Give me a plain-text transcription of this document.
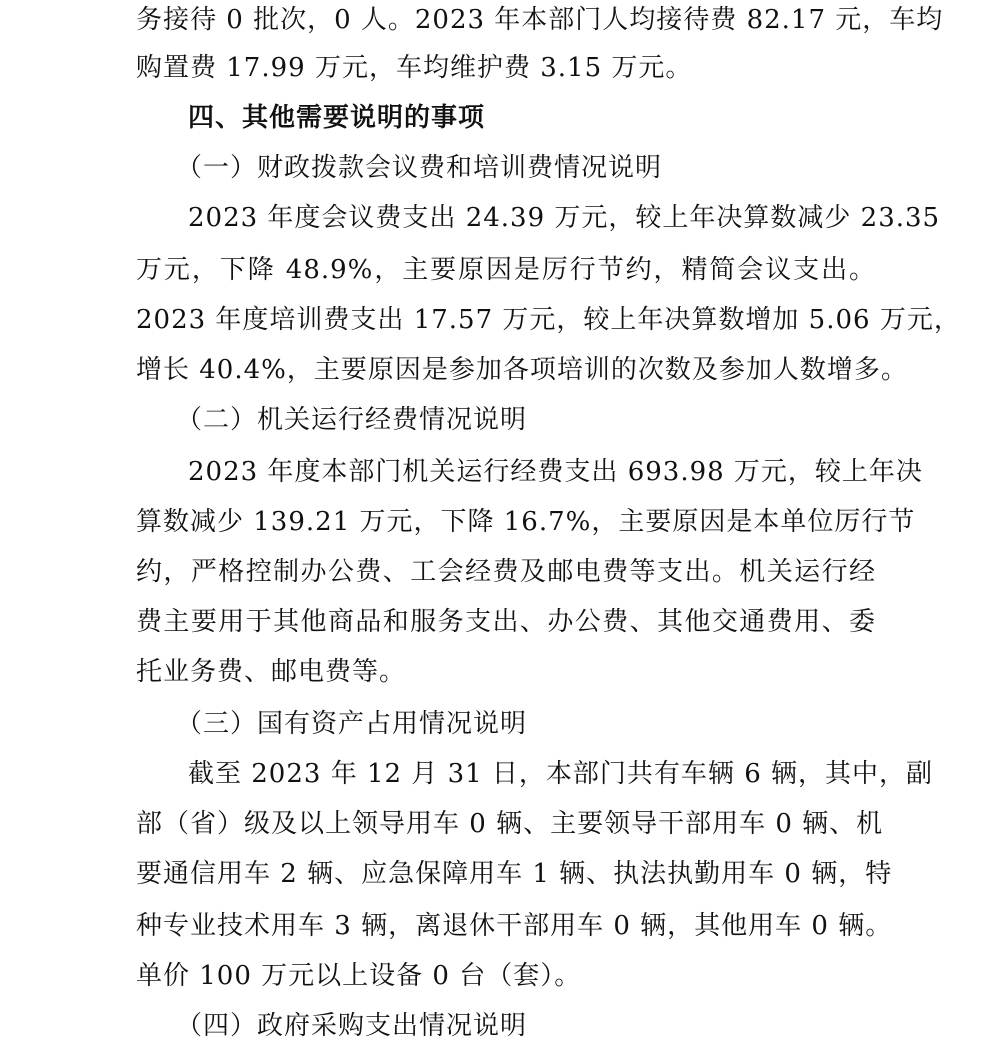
务接待 0 批次，0 人。2023 年本部门人均接待费 82.17 元，车均
购置费 17.99 万元，车均维护费 3.15 万元。
四、其他需要说明的事项
（一）财政拨款会议费和培训费情况说明
2023 年度会议费支出 24.39 万元，较上年决算数减少 23.35
万元，下降 48.9%，主要原因是厉行节约，精简会议支出。
2023 年度培训费支出 17.57 万元，较上年决算数增加 5.06 万元，
增长 40.4%，主要原因是参加各项培训的次数及参加人数增多。
（二）机关运行经费情况说明
2023 年度本部门机关运行经费支出 693.98 万元，较上年决
算数减少 139.21 万元，下降 16.7%，主要原因是本单位厉行节
约，严格控制办公费、工会经费及邮电费等支出。机关运行经
费主要用于其他商品和服务支出、办公费、其他交通费用、委
托业务费、邮电费等。
（三）国有资产占用情况说明
截至 2023 年 12 月 31 日，本部门共有车辆 6 辆，其中，副
部（省）级及以上领导用车 0 辆、主要领导干部用车 0 辆、机
要通信用车 2 辆、应急保障用车 1 辆、执法执勤用车 0 辆，特
种专业技术用车 3 辆，离退休干部用车 0 辆，其他用车 0 辆。
单价 100 万元以上设备 0 台（套）。
（四）政府采购支出情况说明
